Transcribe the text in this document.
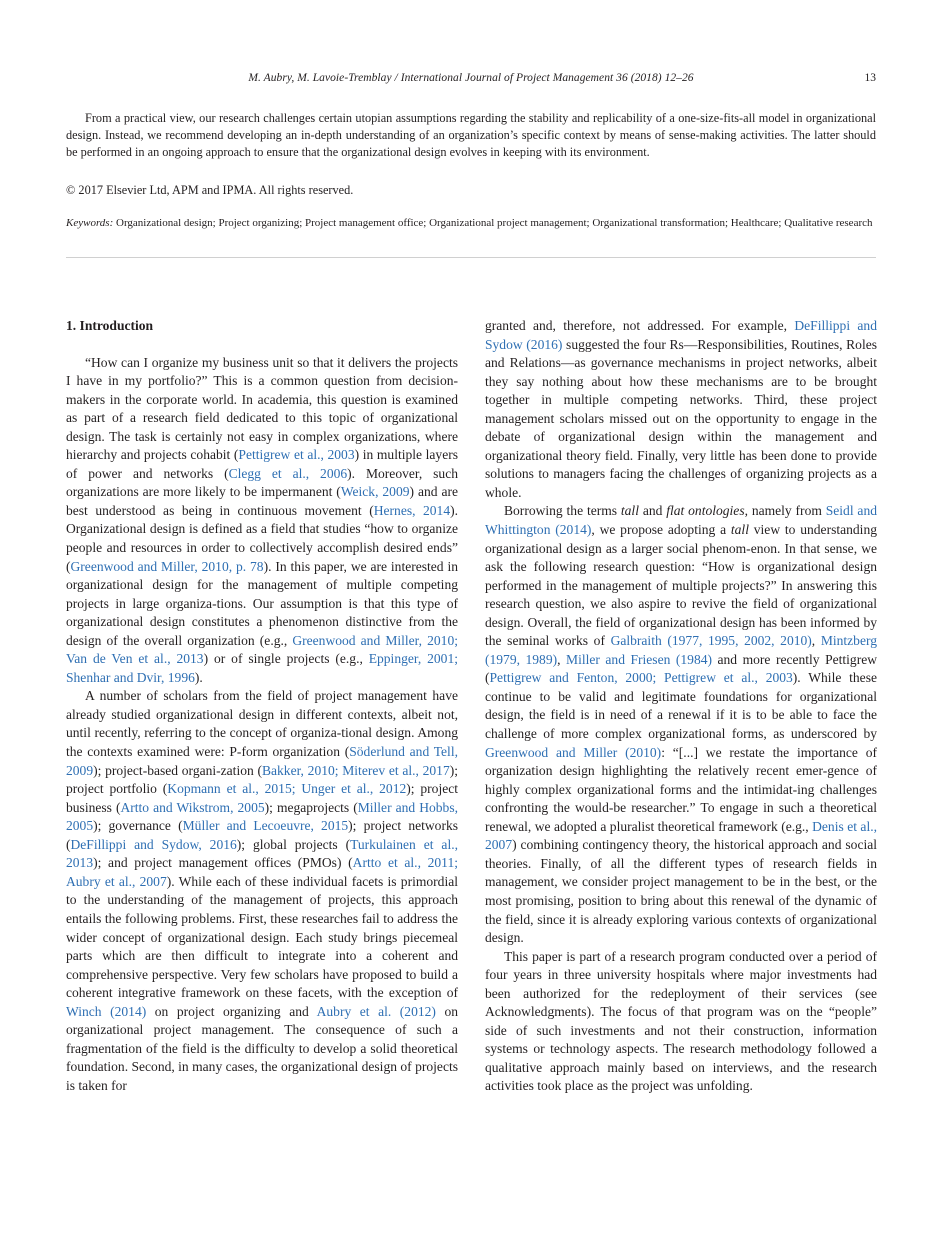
M. Aubry, M. Lavoie-Tremblay / International Journal of Project Management 36 (2018) 12–26	13

From a practical view, our research challenges certain utopian assumptions regarding the stability and replicability of a one-size-fits-all model in organizational design. Instead, we recommend developing an in-depth understanding of an organization’s specific context by means of sense-making activities. The latter should be performed in an ongoing approach to ensure that the organizational design evolves in keeping with its environment.

© 2017 Elsevier Ltd, APM and IPMA. All rights reserved.
Keywords: Organizational design; Project organizing; Project management office; Organizational project management; Organizational transformation; Healthcare; Qualitative research
1. Introduction

“How can I organize my business unit so that it delivers the projects I have in my portfolio?” This is a common question from decision-makers in the corporate world. In academia, this question is examined as part of a research field dedicated to this topic of organizational design. The task is certainly not easy in complex organizations, where hierarchy and projects cohabit (Pettigrew et al., 2003) in multiple layers of power and networks (Clegg et al., 2006). Moreover, such organizations are more likely to be impermanent (Weick, 2009) and are best understood as being in continuous movement (Hernes, 2014). Organizational design is defined as a field that studies “how to organize people and resources in order to collectively accomplish desired ends” (Greenwood and Miller, 2010, p. 78). In this paper, we are interested in organizational design for the management of multiple competing projects in large organiza-tions. Our assumption is that this type of organizational design constitutes a phenomenon distinctive from the design of the overall organization (e.g., Greenwood and Miller, 2010; Van de Ven et al., 2013) or of single projects (e.g., Eppinger, 2001; Shenhar and Dvir, 1996).

A number of scholars from the field of project management have already studied organizational design in different contexts, albeit not, until recently, referring to the concept of organiza-tional design. Among the contexts examined were: P-form organization (Söderlund and Tell, 2009); project-based organi-zation (Bakker, 2010; Miterev et al., 2017); project portfolio (Kopmann et al., 2015; Unger et al., 2012); project business (Artto and Wikstrom, 2005); megaprojects (Miller and Hobbs, 2005); governance (Müller and Lecoeuvre, 2015); project networks (DeFillippi and Sydow, 2016); global projects (Turkulainen et al., 2013); and project management offices (PMOs) (Artto et al., 2011; Aubry et al., 2007). While each of these individual facets is primordial to the understanding of the management of projects, this approach entails the following problems. First, these researches fail to address the wider concept of organizational design. Each study brings piecemeal parts which are then difficult to integrate into a coherent and comprehensive perspective. Very few scholars have proposed to build a coherent integrative framework on these facets, with the exception of Winch (2014) on project organizing and Aubry et al. (2012) on organizational project management. The consequence of such a fragmentation of the field is the difficulty to develop a solid theoretical foundation. Second, in many cases, the organizational design of projects is taken for

granted and, therefore, not addressed. For example, DeFillippi and Sydow (2016) suggested the four Rs—Responsibilities, Routines, Roles and Relations—as governance mechanisms in project networks, albeit they say nothing about how these mechanisms are to be brought together in multiple competing networks. Third, these project management scholars missed out on the opportunity to engage in the debate of organizational design within the management and organizational theory field. Finally, very little has been done to provide solutions to managers facing the challenges of organizing projects as a whole.

Borrowing the terms tall and flat ontologies, namely from Seidl and Whittington (2014), we propose adopting a tall view to understanding organizational design as a larger social phenom-enon. In that sense, we ask the following research question: “How is organizational design performed in the management of multiple projects?” In answering this research question, we also aspire to revive the field of organizational design. Overall, the field of organizational design has been informed by the seminal works of Galbraith (1977, 1995, 2002, 2010), Mintzberg (1979, 1989), Miller and Friesen (1984) and more recently Pettigrew (Pettigrew and Fenton, 2000; Pettigrew et al., 2003). While these continue to be valid and legitimate foundations for organizational design, the field is in need of a renewal if it is to be able to face the challenge of more complex organizational forms, as underscored by Greenwood and Miller (2010): “[...] we restate the importance of organization design highlighting the relatively recent emer-gence of highly complex organizational forms and the intimidat-ing challenges confronting the would-be researcher.” To engage in such a theoretical renewal, we adopted a pluralist theoretical framework (e.g., Denis et al., 2007) combining contingency theory, the historical approach and social theories. Finally, of all the different types of research fields in management, we consider project management to be in the best, or the most promising, position to bring about this renewal of the dynamic of the field, since it is already exploring various contexts of organizational design.

This paper is part of a research program conducted over a period of four years in three university hospitals where major investments had been authorized for the redeployment of their services (see Acknowledgments). The focus of that program was on the “people” side of such investments and not their construction, information systems or technology aspects. The research methodology followed a qualitative approach mainly based on interviews, and the research activities took place as the project was unfolding.
